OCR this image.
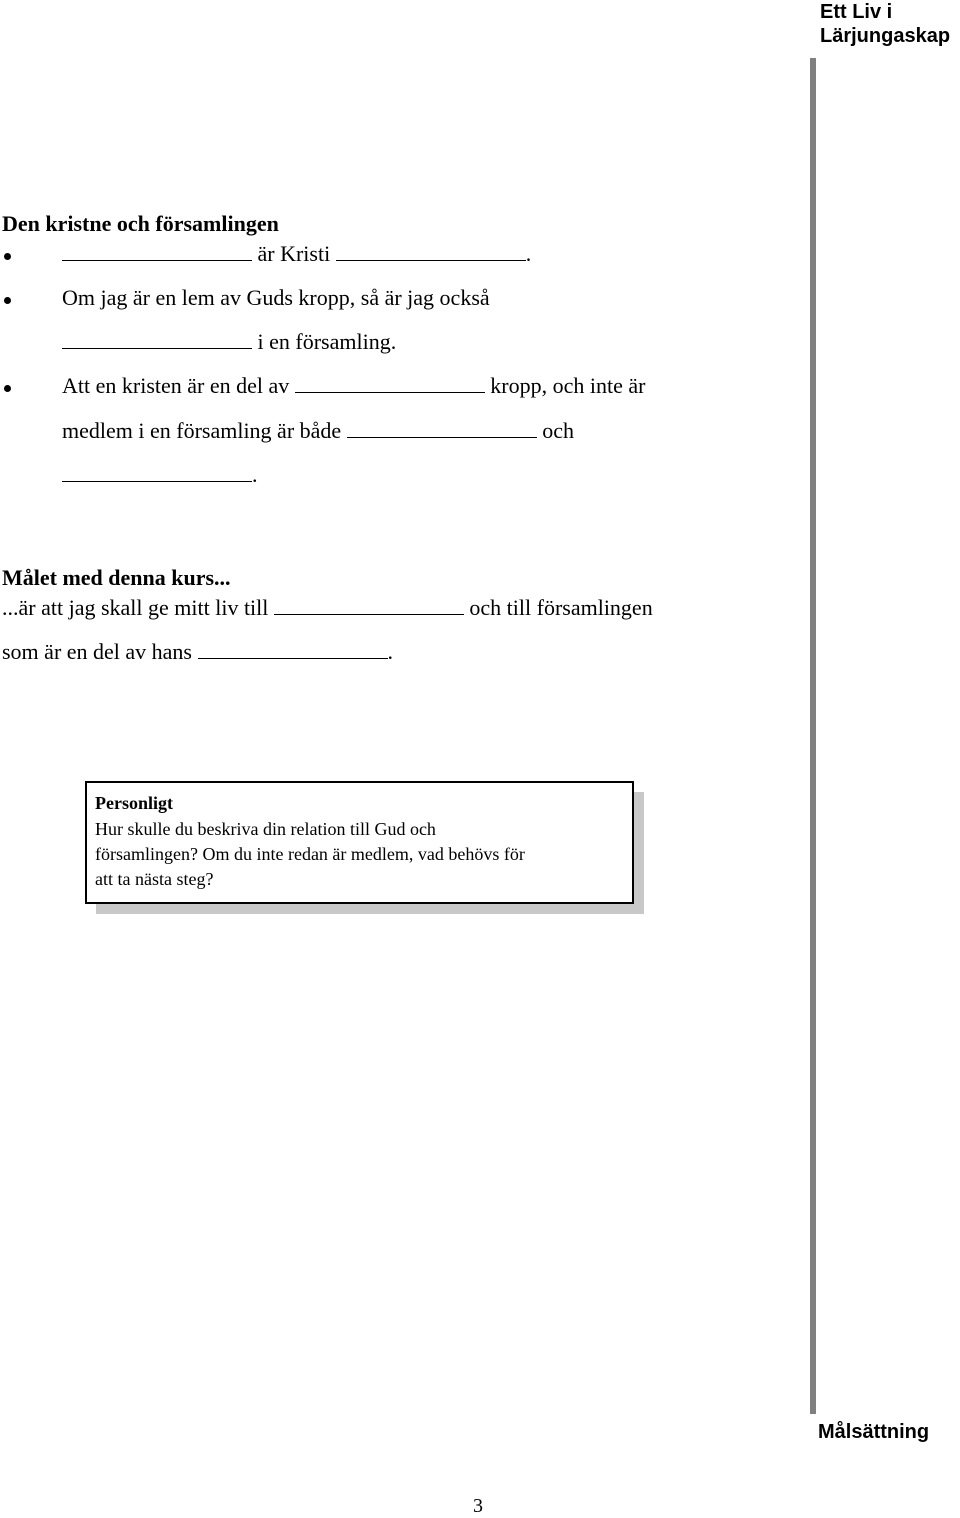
Ett Liv i
Lärjungaskap
Den kristne och församlingen
är Kristi	.
Om jag är en lem av Guds kropp, så är jag också
i en församling.
Att en kristen är en del av	kropp, och inte är
medlem i en församling är både	och
.
Målet med denna kurs...
...är att jag skall ge mitt liv till	och till församlingen
som är en del av hans	.
Personligt
Hur skulle du beskriva din relation till Gud och
församlingen? Om du inte redan är medlem, vad behövs för
att ta nästa steg?
Målsättning
3
